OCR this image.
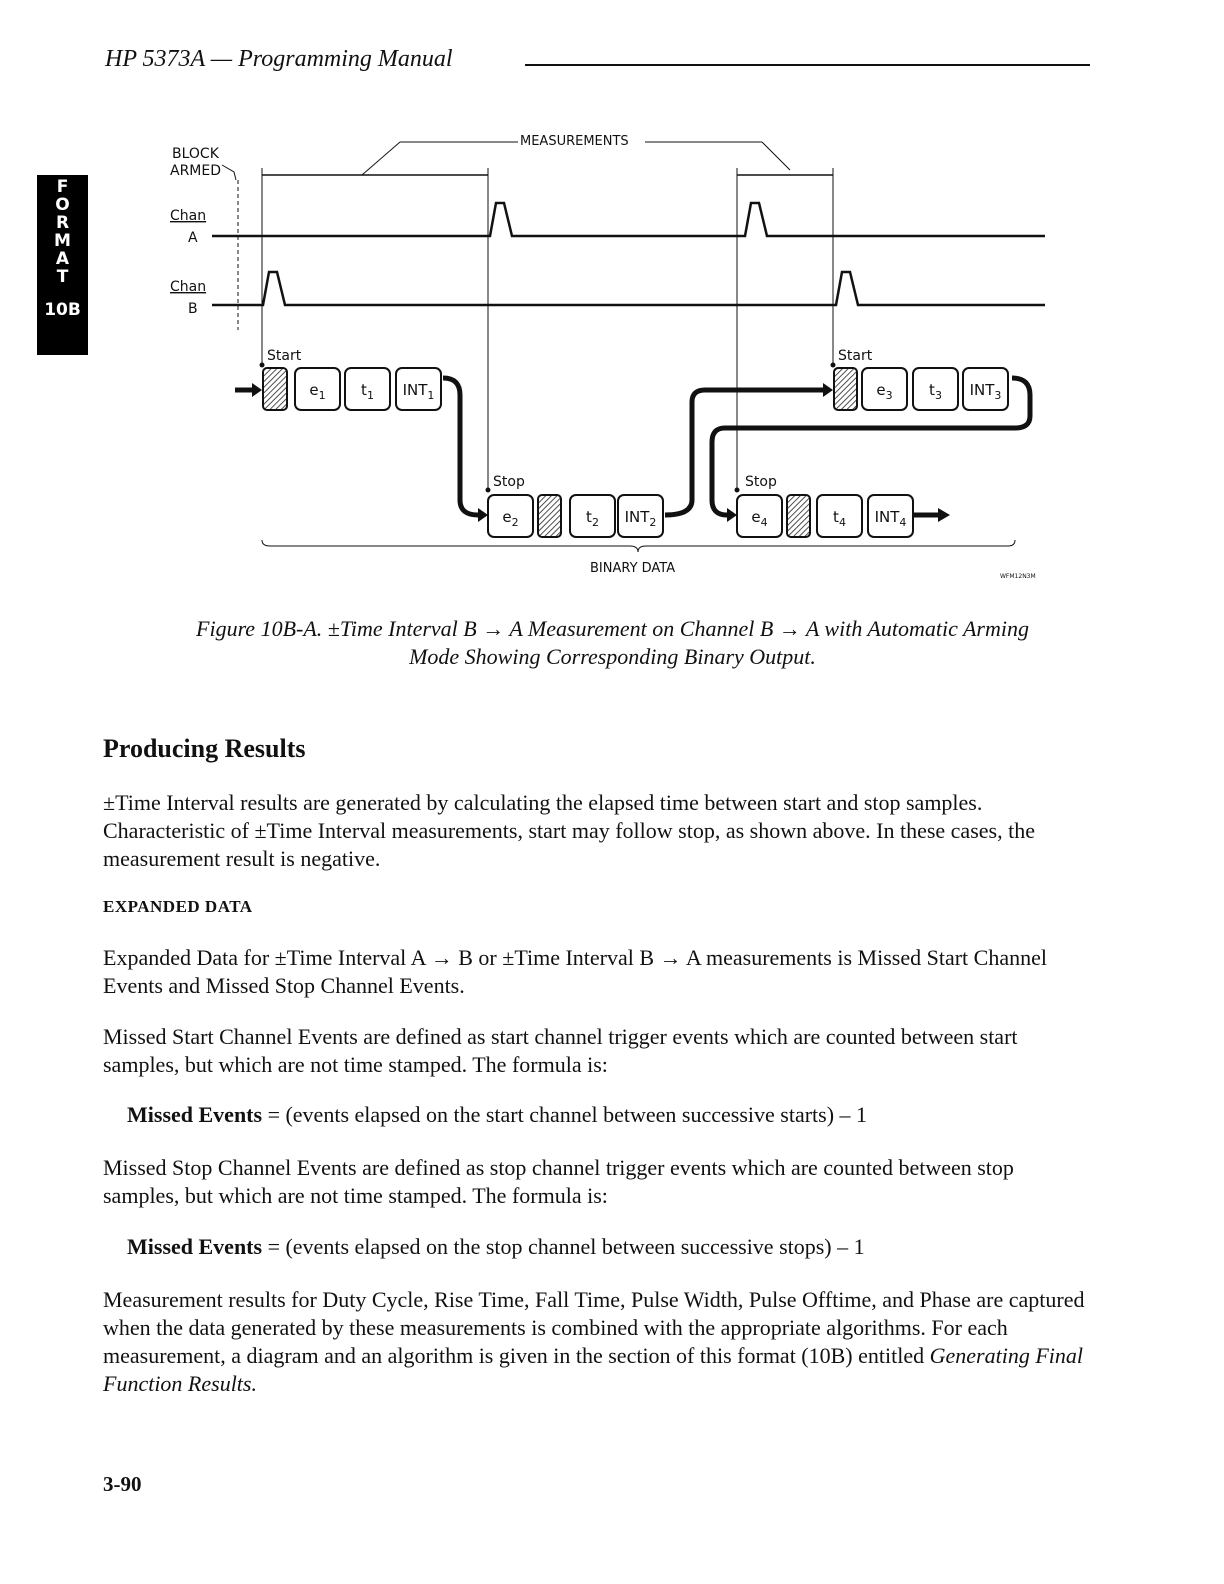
HP 5373A — Programming Manual
F
O
R
M
A
T
10B
BLOCK
ARMED
MEASUREMENTS
Chan
A
Chan
B
Start	Start
Stop	Stop
BINARY DATA
WFM12N3M
$e_1$ $t_1$ $INT_1$
$e_2$	$t_2$ $INT_2$
$e_3$ $t_3$ $INT_3$
$e_4$	$t_4$ $INT_4$
Figure 10B-A. ±Time Interval B → A Measurement on Channel B → A with Automatic Arming
Mode Showing Corresponding Binary Output.
Producing Results
±Time Interval results are generated by calculating the elapsed time between start and stop samples. Characteristic of ±Time Interval measurements, start may follow stop, as shown above. In these cases, the measurement result is negative.
EXPANDED DATA
Expanded Data for ±Time Interval A → B or ±Time Interval B → A measurements is Missed Start Channel Events and Missed Stop Channel Events.
Missed Start Channel Events are defined as start channel trigger events which are counted between start samples, but which are not time stamped. The formula is:
Missed Events = (events elapsed on the start channel between successive starts) – 1
Missed Stop Channel Events are defined as stop channel trigger events which are counted between stop samples, but which are not time stamped. The formula is:
Missed Events = (events elapsed on the stop channel between successive stops) – 1
Measurement results for Duty Cycle, Rise Time, Fall Time, Pulse Width, Pulse Offtime, and Phase are captured when the data generated by these measurements is combined with the appropriate algorithms. For each measurement, a diagram and an algorithm is given in the section of this format (10B) entitled Generating Final Function Results.
3-90
